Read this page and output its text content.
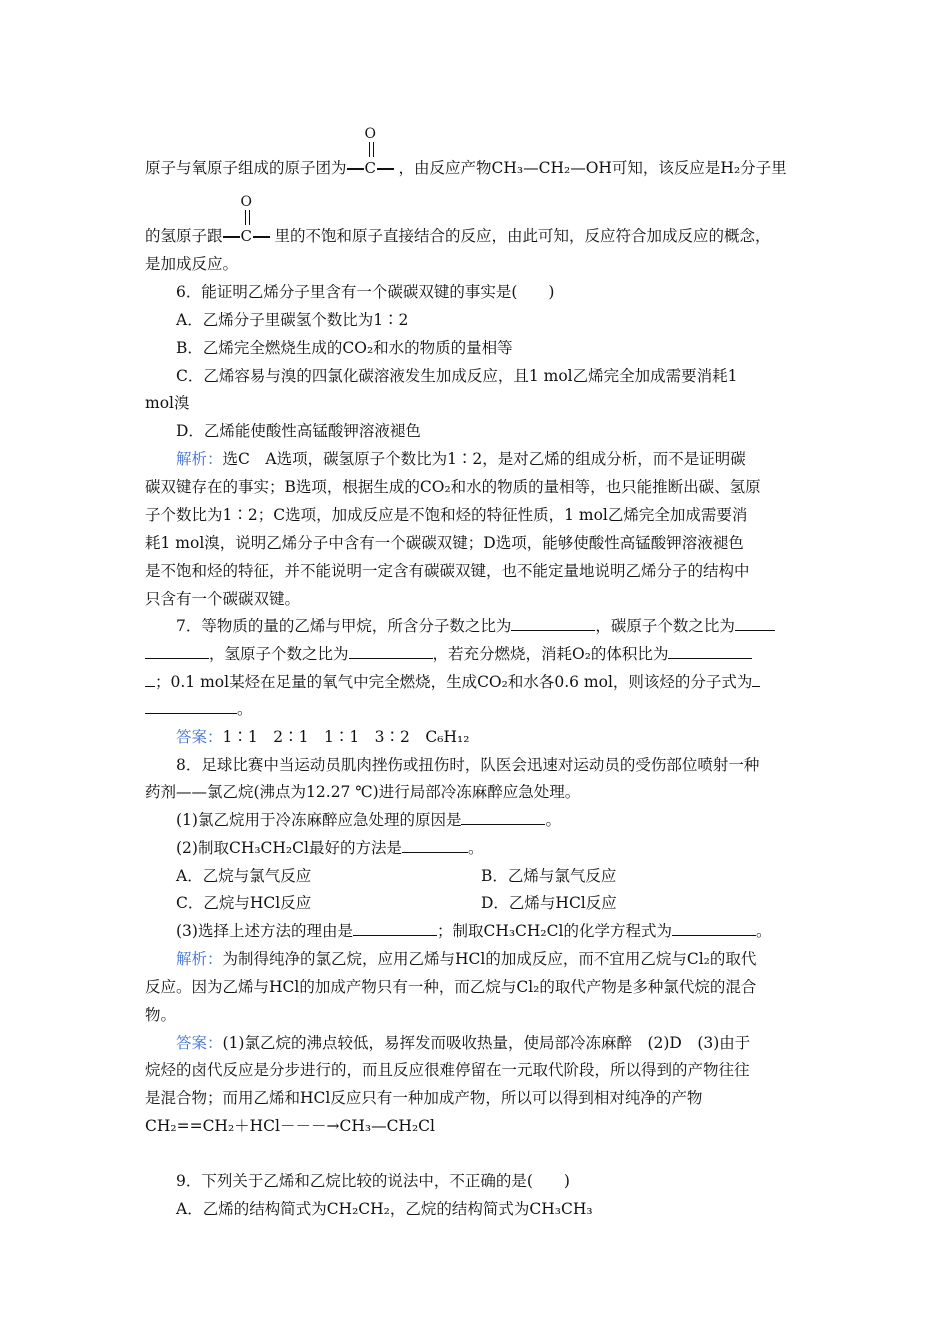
原子与氧原子组成的原子团为
O
C ，由反应产物CH₃—CH₂—OH可知，该反应是H₂分子里
的氢原子跟
O
C 里的不饱和原子直接结合的反应，由此可知，反应符合加成反应的概念，
是加成反应。
6．能证明乙烯分子里含有一个碳碳双键的事实是(　　)
A．乙烯分子里碳氢个数比为1∶2
B．乙烯完全燃烧生成的CO₂和水的物质的量相等
C．乙烯容易与溴的四氯化碳溶液发生加成反应，且1 mol乙烯完全加成需要消耗1
mol溴
D．乙烯能使酸性高锰酸钾溶液褪色
解析：选C　A选项，碳氢原子个数比为1∶2，是对乙烯的组成分析，而不是证明碳
碳双键存在的事实；B选项，根据生成的CO₂和水的物质的量相等，也只能推断出碳、氢原
子个数比为1∶2；C选项，加成反应是不饱和烃的特征性质，1 mol乙烯完全加成需要消
耗1 mol溴，说明乙烯分子中含有一个碳碳双键；D选项，能够使酸性高锰酸钾溶液褪色
是不饱和烃的特征，并不能说明一定含有碳碳双键，也不能定量地说明乙烯分子的结构中
只含有一个碳碳双键。
7．等物质的量的乙烯与甲烷，所含分子数之比为	，碳原子个数之比为
，氢原子个数之比为	，若充分燃烧，消耗O₂的体积比为
；0.1 mol某烃在足量的氧气中完全燃烧，生成CO₂和水各0.6 mol，则该烃的分子式为
。
答案：1∶1　2∶1　1∶1　3∶2　C₆H₁₂
8．足球比赛中当运动员肌肉挫伤或扭伤时，队医会迅速对运动员的受伤部位喷射一种
药剂——氯乙烷(沸点为12.27 ℃)进行局部冷冻麻醉应急处理。
(1)氯乙烷用于冷冻麻醉应急处理的原因是	。
(2)制取CH₃CH₂Cl最好的方法是	。
A．乙烷与氯气反应	B．乙烯与氯气反应
C．乙烷与HCl反应	D．乙烯与HCl反应
(3)选择上述方法的理由是	；制取CH₃CH₂Cl的化学方程式为	。
解析：为制得纯净的氯乙烷，应用乙烯与HCl的加成反应，而不宜用乙烷与Cl₂的取代
反应。因为乙烯与HCl的加成产物只有一种，而乙烷与Cl₂的取代产物是多种氯代烷的混合
物。
答案：(1)氯乙烷的沸点较低，易挥发而吸收热量，使局部冷冻麻醉　(2)D　(3)由于
烷烃的卤代反应是分步进行的，而且反应很难停留在一元取代阶段，所以得到的产物往往
是混合物；而用乙烯和HCl反应只有一种加成产物，所以可以得到相对纯净的产物
CH₂==CH₂＋HCl－－－→CH₃—CH₂Cl
9．下列关于乙烯和乙烷比较的说法中，不正确的是(　　)
A．乙烯的结构简式为CH₂CH₂，乙烷的结构简式为CH₃CH₃
